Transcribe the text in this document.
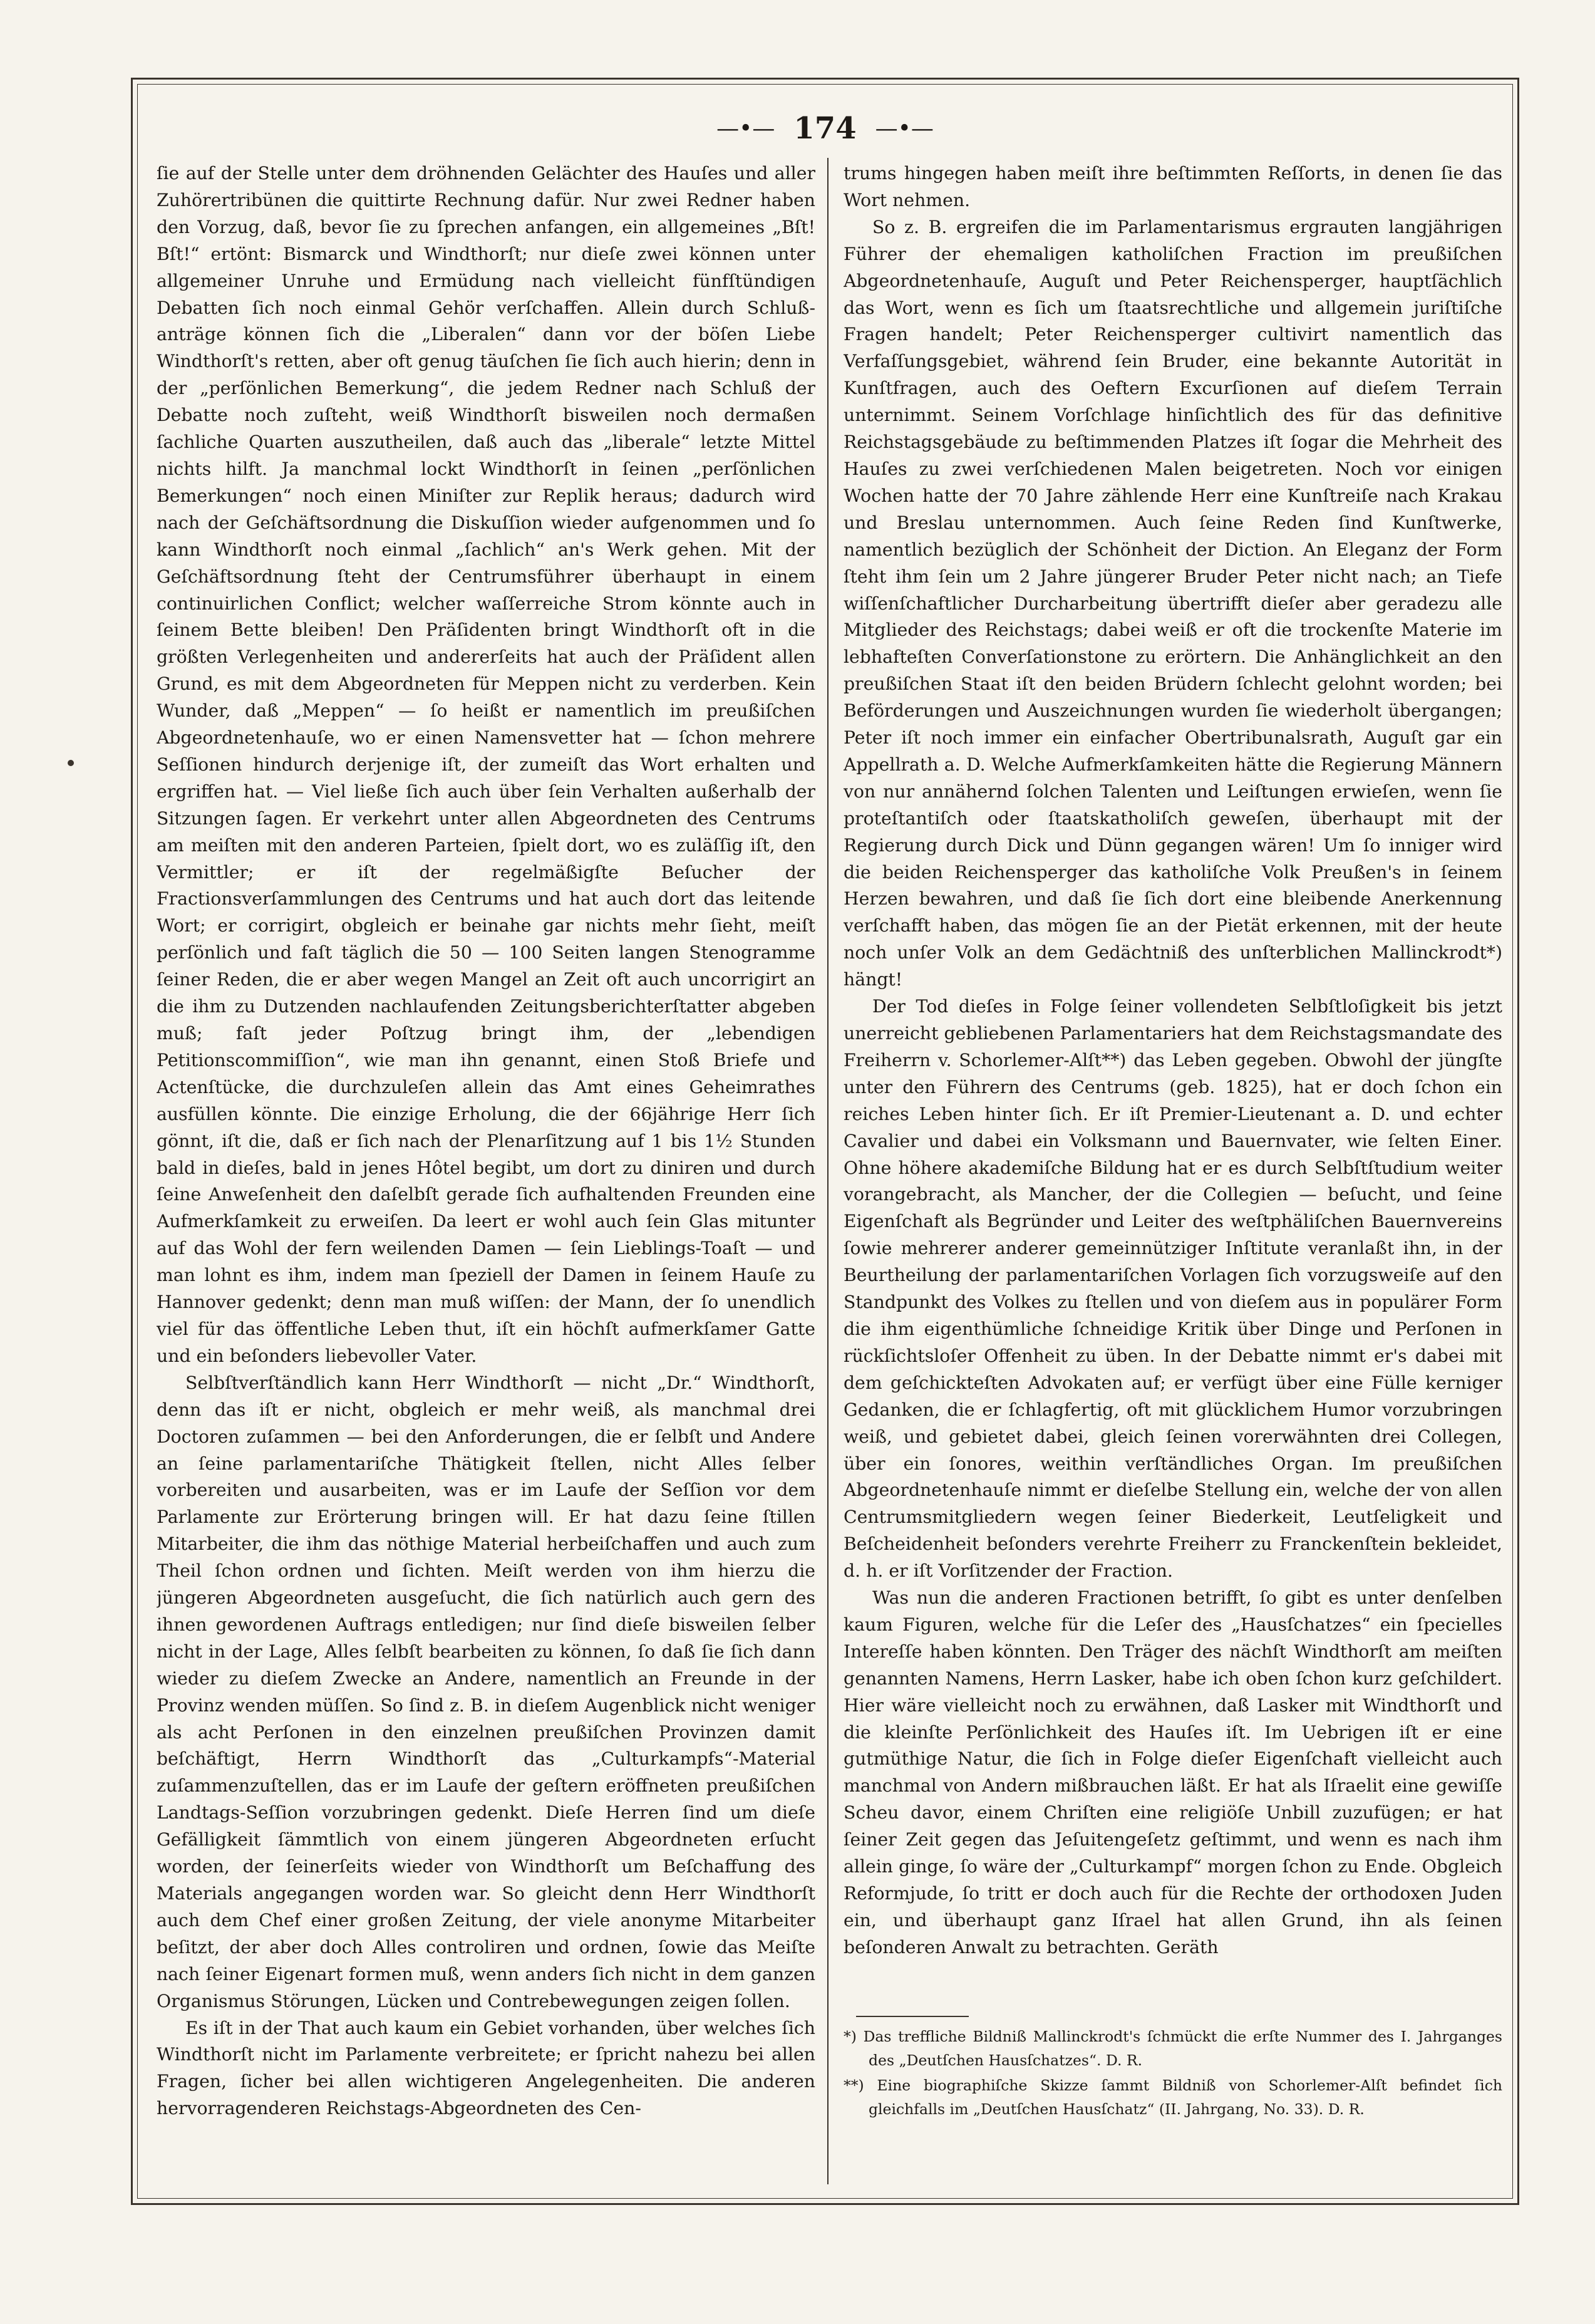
—•— 174 —•—

ſie auf der Stelle unter dem dröhnenden Gelächter des Hauſes und aller Zuhörertribünen die quittirte Rechnung dafür. Nur zwei Redner haben den Vorzug, daß, bevor ſie zu ſprechen anfangen, ein allgemeines „Bſt! Bſt!“ ertönt: Bismarck und Windthorſt; nur dieſe zwei können unter allgemeiner Unruhe und Ermüdung nach vielleicht fünfſtündigen Debatten ſich noch einmal Gehör verſchaffen. Allein durch Schluß-anträge können ſich die „Liberalen“ dann vor der böſen Liebe Windthorſt's retten, aber oft genug täuſchen ſie ſich auch hierin; denn in der „perſönlichen Bemerkung“, die jedem Redner nach Schluß der Debatte noch zuſteht, weiß Windthorſt bisweilen noch dermaßen ſachliche Quarten auszutheilen, daß auch das „liberale“ letzte Mittel nichts hilft. Ja manchmal lockt Windthorſt in ſeinen „perſönlichen Bemerkungen“ noch einen Miniſter zur Replik heraus; dadurch wird nach der Geſchäftsordnung die Diskuſſion wieder aufgenommen und ſo kann Windthorſt noch einmal „ſachlich“ an's Werk gehen. Mit der Geſchäftsordnung ſteht der Centrumsführer überhaupt in einem continuirlichen Conflict; welcher waſſerreiche Strom könnte auch in ſeinem Bette bleiben! Den Präſidenten bringt Windthorſt oft in die größten Verlegenheiten und andererſeits hat auch der Präſident allen Grund, es mit dem Abgeordneten für Meppen nicht zu verderben. Kein Wunder, daß „Meppen“ — ſo heißt er namentlich im preußiſchen Abgeordnetenhauſe, wo er einen Namensvetter hat — ſchon mehrere Seſſionen hindurch derjenige iſt, der zumeiſt das Wort erhalten und ergriffen hat. — Viel ließe ſich auch über ſein Verhalten außerhalb der Sitzungen ſagen. Er verkehrt unter allen Abgeordneten des Centrums am meiſten mit den anderen Parteien, ſpielt dort, wo es zuläſſig iſt, den Vermittler; er iſt der regelmäßigſte Beſucher der Fractionsverſammlungen des Centrums und hat auch dort das leitende Wort; er corrigirt, obgleich er beinahe gar nichts mehr ſieht, meiſt perſönlich und faſt täglich die 50 — 100 Seiten langen Stenogramme ſeiner Reden, die er aber wegen Mangel an Zeit oft auch uncorrigirt an die ihm zu Dutzenden nachlaufenden Zeitungsberichterſtatter abgeben muß; faſt jeder Poſtzug bringt ihm, der „lebendigen Petitionscommiſſion“, wie man ihn genannt, einen Stoß Briefe und Actenſtücke, die durchzuleſen allein das Amt eines Geheimrathes ausfüllen könnte. Die einzige Erholung, die der 66jährige Herr ſich gönnt, iſt die, daß er ſich nach der Plenarſitzung auf 1 bis 1½ Stunden bald in dieſes, bald in jenes Hôtel begibt, um dort zu diniren und durch ſeine Anweſenheit den daſelbſt gerade ſich aufhaltenden Freunden eine Aufmerkſamkeit zu erweiſen. Da leert er wohl auch ſein Glas mitunter auf das Wohl der fern weilenden Damen — ſein Lieblings-Toaſt — und man lohnt es ihm, indem man ſpeziell der Damen in ſeinem Hauſe zu Hannover gedenkt; denn man muß wiſſen: der Mann, der ſo unendlich viel für das öffentliche Leben thut, iſt ein höchſt aufmerkſamer Gatte und ein beſonders liebevoller Vater.

Selbſtverſtändlich kann Herr Windthorſt — nicht „Dr.“ Windthorſt, denn das iſt er nicht, obgleich er mehr weiß, als manchmal drei Doctoren zuſammen — bei den Anforderungen, die er ſelbſt und Andere an ſeine parlamentariſche Thätigkeit ſtellen, nicht Alles ſelber vorbereiten und ausarbeiten, was er im Laufe der Seſſion vor dem Parlamente zur Erörterung bringen will. Er hat dazu ſeine ſtillen Mitarbeiter, die ihm das nöthige Material herbeiſchaffen und auch zum Theil ſchon ordnen und ſichten. Meiſt werden von ihm hierzu die jüngeren Abgeordneten ausgeſucht, die ſich natürlich auch gern des ihnen gewordenen Auftrags entledigen; nur ſind dieſe bisweilen ſelber nicht in der Lage, Alles ſelbſt bearbeiten zu können, ſo daß ſie ſich dann wieder zu dieſem Zwecke an Andere, namentlich an Freunde in der Provinz wenden müſſen. So ſind z. B. in dieſem Augenblick nicht weniger als acht Perſonen in den einzelnen preußiſchen Provinzen damit beſchäftigt, Herrn Windthorſt das „Culturkampfs“-Material zuſammenzuſtellen, das er im Laufe der geſtern eröffneten preußiſchen Landtags-Seſſion vorzubringen gedenkt. Dieſe Herren ſind um dieſe Gefälligkeit ſämmtlich von einem jüngeren Abgeordneten erſucht worden, der ſeinerſeits wieder von Windthorſt um Beſchaffung des Materials angegangen worden war. So gleicht denn Herr Windthorſt auch dem Chef einer großen Zeitung, der viele anonyme Mitarbeiter beſitzt, der aber doch Alles controliren und ordnen, ſowie das Meiſte nach ſeiner Eigenart formen muß, wenn anders ſich nicht in dem ganzen Organismus Störungen, Lücken und Contrebewegungen zeigen ſollen.

Es iſt in der That auch kaum ein Gebiet vorhanden, über welches ſich Windthorſt nicht im Parlamente verbreitete; er ſpricht nahezu bei allen Fragen, ſicher bei allen wichtigeren Angelegenheiten. Die anderen hervorragenderen Reichstags-Abgeordneten des Cen-

trums hingegen haben meiſt ihre beſtimmten Reſſorts, in denen ſie das Wort nehmen.

So z. B. ergreifen die im Parlamentarismus ergrauten langjährigen Führer der ehemaligen katholiſchen Fraction im preußiſchen Abgeordnetenhauſe, Auguſt und Peter Reichensperger, hauptſächlich das Wort, wenn es ſich um ſtaatsrechtliche und allgemein juriſtiſche Fragen handelt; Peter Reichensperger cultivirt namentlich das Verfaſſungsgebiet, während ſein Bruder, eine bekannte Autorität in Kunſtfragen, auch des Oeftern Excurſionen auf dieſem Terrain unternimmt. Seinem Vorſchlage hinſichtlich des für das definitive Reichstagsgebäude zu beſtimmenden Platzes iſt ſogar die Mehrheit des Hauſes zu zwei verſchiedenen Malen beigetreten. Noch vor einigen Wochen hatte der 70 Jahre zählende Herr eine Kunſtreiſe nach Krakau und Breslau unternommen. Auch ſeine Reden ſind Kunſtwerke, namentlich bezüglich der Schönheit der Diction. An Eleganz der Form ſteht ihm ſein um 2 Jahre jüngerer Bruder Peter nicht nach; an Tiefe wiſſenſchaftlicher Durcharbeitung übertrifft dieſer aber geradezu alle Mitglieder des Reichstags; dabei weiß er oft die trockenſte Materie im lebhafteſten Converſationstone zu erörtern. Die Anhänglichkeit an den preußiſchen Staat iſt den beiden Brüdern ſchlecht gelohnt worden; bei Beförderungen und Auszeichnungen wurden ſie wiederholt übergangen; Peter iſt noch immer ein einfacher Obertribunalsrath, Auguſt gar ein Appellrath a. D. Welche Aufmerkſamkeiten hätte die Regierung Männern von nur annähernd ſolchen Talenten und Leiſtungen erwieſen, wenn ſie proteſtantiſch oder ſtaatskatholiſch geweſen, überhaupt mit der Regierung durch Dick und Dünn gegangen wären! Um ſo inniger wird die beiden Reichensperger das katholiſche Volk Preußen's in ſeinem Herzen bewahren, und daß ſie ſich dort eine bleibende Anerkennung verſchafft haben, das mögen ſie an der Pietät erkennen, mit der heute noch unſer Volk an dem Gedächtniß des unſterblichen Mallinckrodt*) hängt!

Der Tod dieſes in Folge ſeiner vollendeten Selbſtloſigkeit bis jetzt unerreicht gebliebenen Parlamentariers hat dem Reichstagsmandate des Freiherrn v. Schorlemer-Alſt**) das Leben gegeben. Obwohl der jüngſte unter den Führern des Centrums (geb. 1825), hat er doch ſchon ein reiches Leben hinter ſich. Er iſt Premier-Lieutenant a. D. und echter Cavalier und dabei ein Volksmann und Bauernvater, wie ſelten Einer. Ohne höhere akademiſche Bildung hat er es durch Selbſtſtudium weiter vorangebracht, als Mancher, der die Collegien — beſucht, und ſeine Eigenſchaft als Begründer und Leiter des weſtphäliſchen Bauernvereins ſowie mehrerer anderer gemeinnütziger Inſtitute veranlaßt ihn, in der Beurtheilung der parlamentariſchen Vorlagen ſich vorzugsweiſe auf den Standpunkt des Volkes zu ſtellen und von dieſem aus in populärer Form die ihm eigenthümliche ſchneidige Kritik über Dinge und Perſonen in rückſichtsloſer Offenheit zu üben. In der Debatte nimmt er's dabei mit dem geſchickteſten Advokaten auf; er verfügt über eine Fülle kerniger Gedanken, die er ſchlagfertig, oft mit glücklichem Humor vorzubringen weiß, und gebietet dabei, gleich ſeinen vorerwähnten drei Collegen, über ein ſonores, weithin verſtändliches Organ. Im preußiſchen Abgeordnetenhauſe nimmt er dieſelbe Stellung ein, welche der von allen Centrumsmitgliedern wegen ſeiner Biederkeit, Leutſeligkeit und Beſcheidenheit beſonders verehrte Freiherr zu Franckenſtein bekleidet, d. h. er iſt Vorſitzender der Fraction.

Was nun die anderen Fractionen betrifft, ſo gibt es unter denſelben kaum Figuren, welche für die Leſer des „Hausſchatzes“ ein ſpecielles Intereſſe haben könnten. Den Träger des nächſt Windthorſt am meiſten genannten Namens, Herrn Lasker, habe ich oben ſchon kurz geſchildert. Hier wäre vielleicht noch zu erwähnen, daß Lasker mit Windthorſt und die kleinſte Perſönlichkeit des Hauſes iſt. Im Uebrigen iſt er eine gutmüthige Natur, die ſich in Folge dieſer Eigenſchaft vielleicht auch manchmal von Andern mißbrauchen läßt. Er hat als Iſraelit eine gewiſſe Scheu davor, einem Chriſten eine religiöſe Unbill zuzufügen; er hat ſeiner Zeit gegen das Jeſuitengeſetz geſtimmt, und wenn es nach ihm allein ginge, ſo wäre der „Culturkampf“ morgen ſchon zu Ende. Obgleich Reformjude, ſo tritt er doch auch für die Rechte der orthodoxen Juden ein, und überhaupt ganz Iſrael hat allen Grund, ihn als ſeinen beſonderen Anwalt zu betrachten. Geräth

*) Das treffliche Bildniß Mallinckrodt's ſchmückt die erſte Nummer des I. Jahrganges des „Deutſchen Hausſchatzes“. D. R.

**) Eine biographiſche Skizze ſammt Bildniß von Schorlemer-Alſt befindet ſich gleichfalls im „Deutſchen Hausſchatz“ (II. Jahrgang, No. 33). D. R.
